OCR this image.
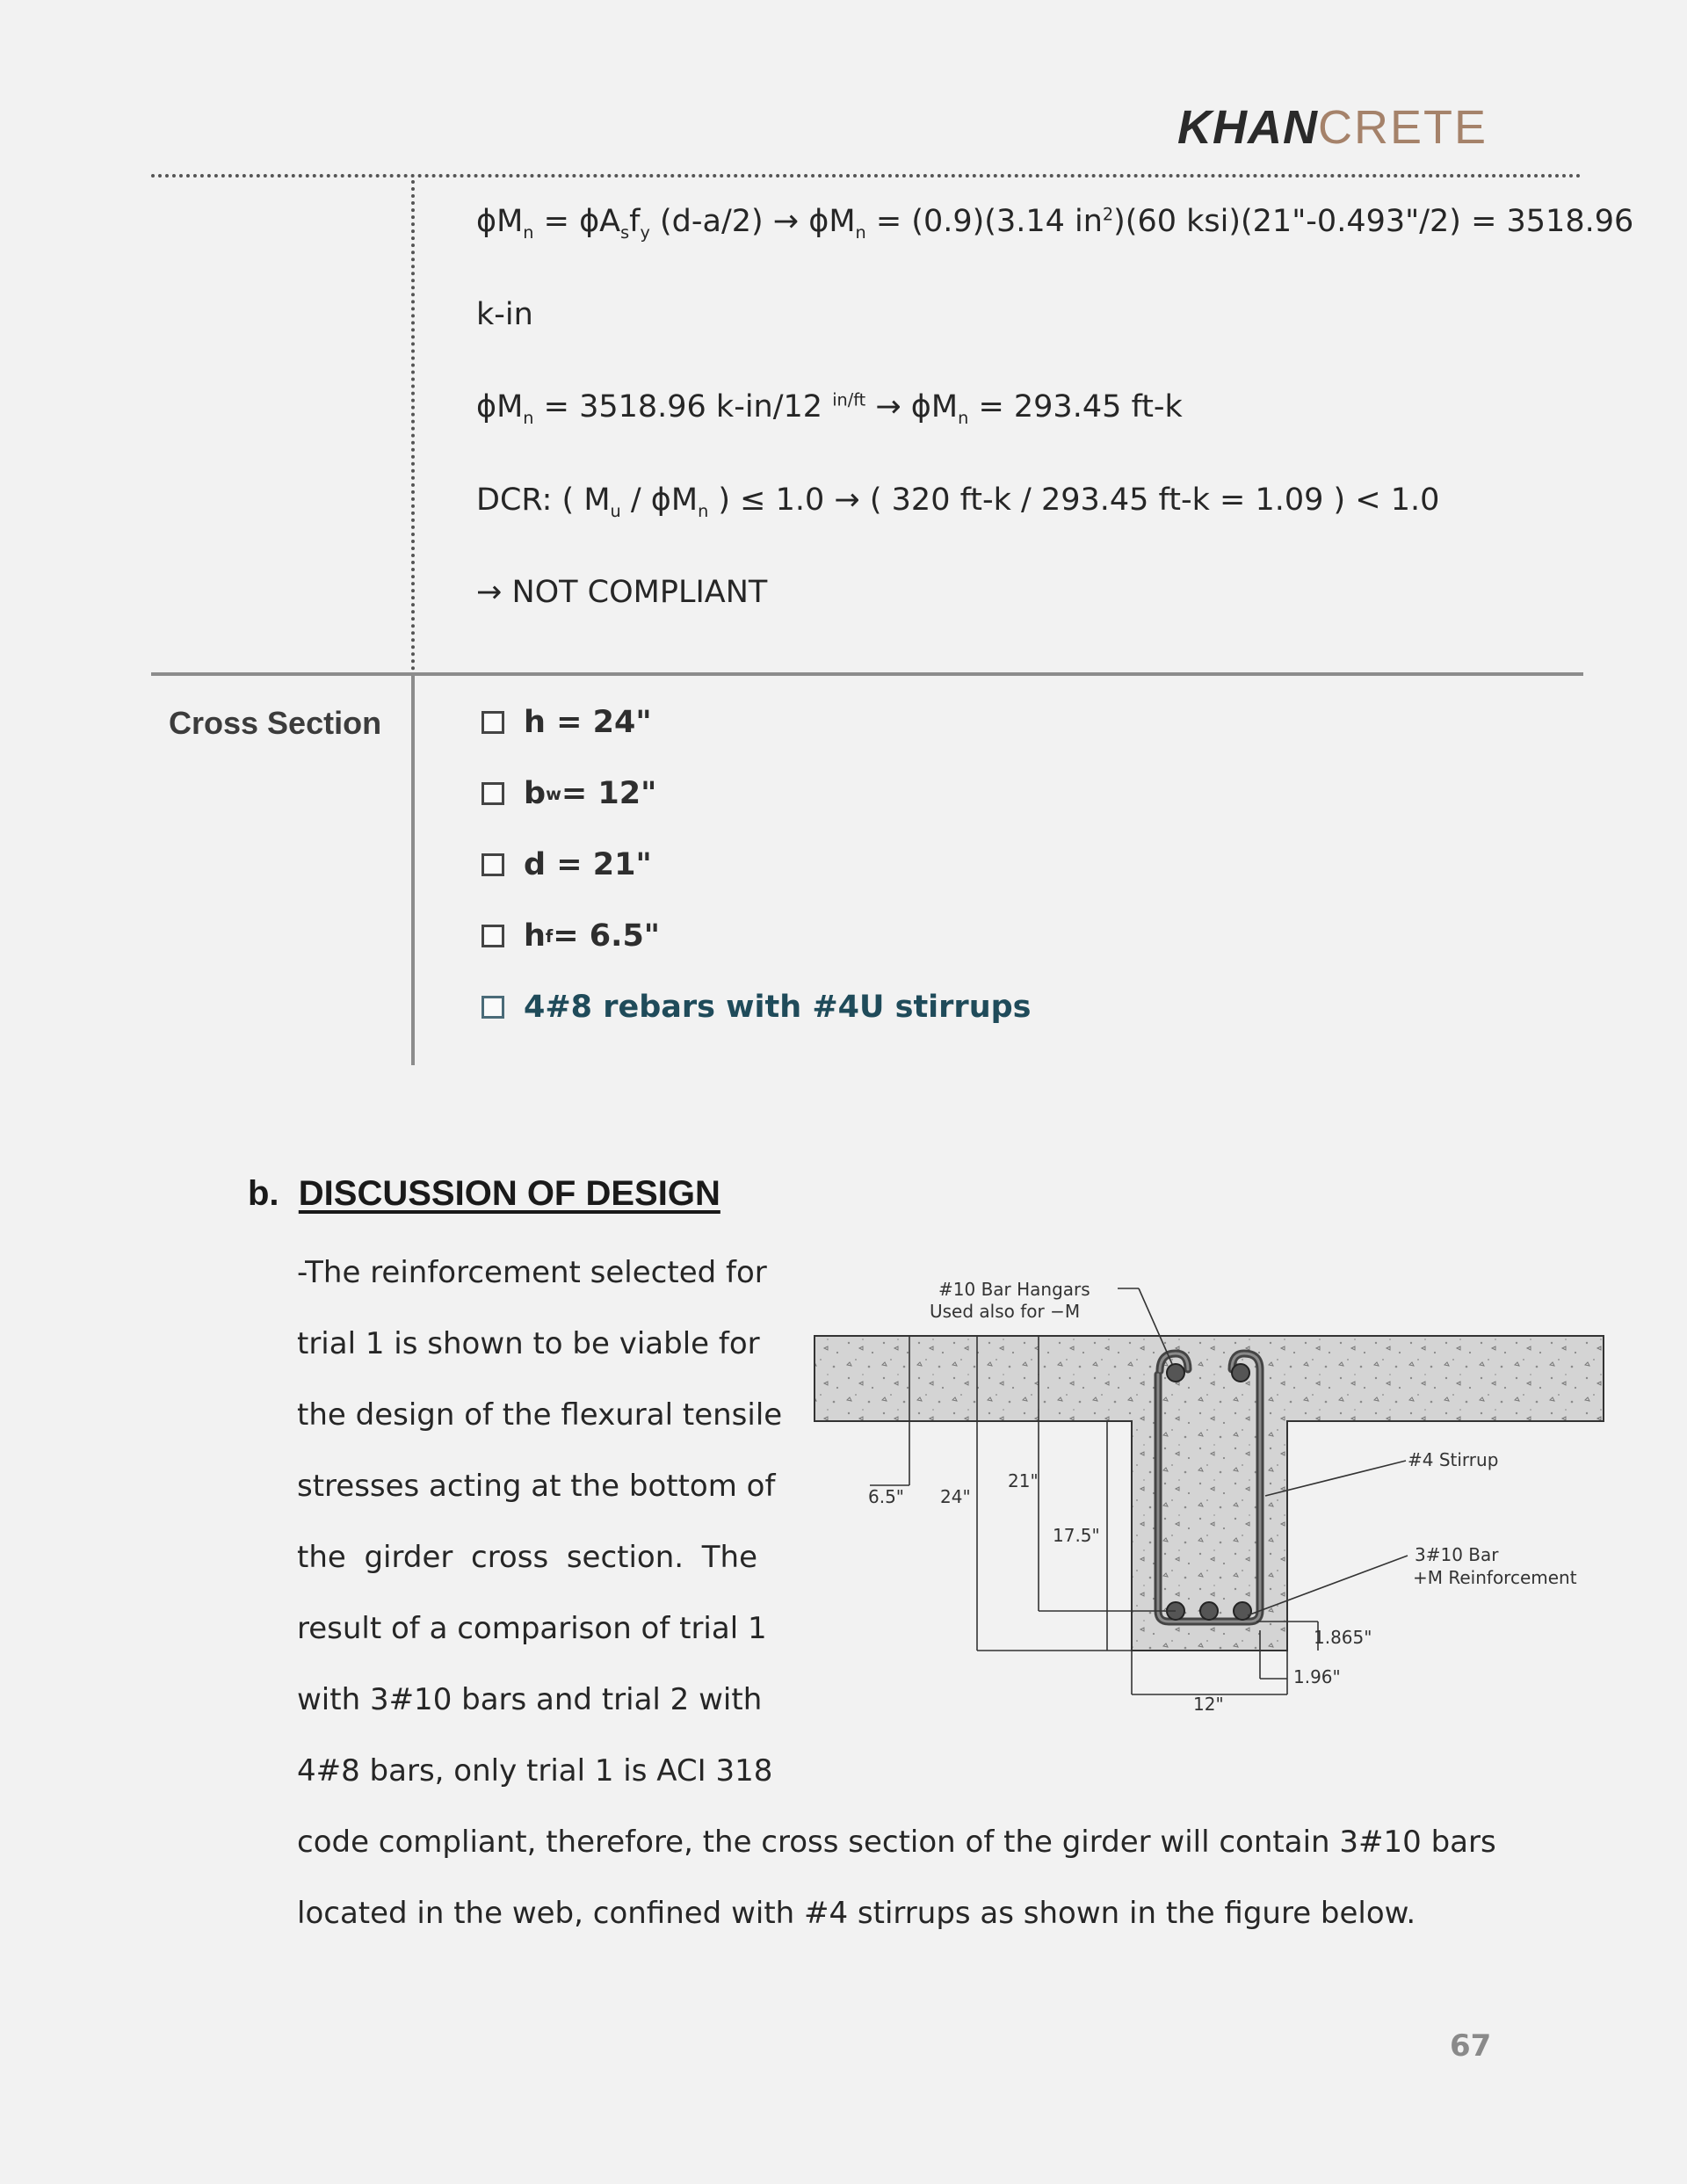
KHANCRETE
$\phi M_n = \phi A_sf_y$ $(d-a/2) \to \phi M_n = (0.9)(3.14$ $in^2)(60$ ksi)(21"-0.493"/2) = 3518.96
k-in
$\phi M_n = 3518.96$ k-in/12 $^{in/ft} \to \phi M_n = 293.45$ ft-k
DCR: ( $M_u / \phi M_n$ ) ≤ 1.0 → ( 320 ft-k / 293.45 ft-k = 1.09 ) < 1.0
→ NOT COMPLIANT
Cross Section	h = 24"
b w = 12"
d = 21"
h f = 6.5"
4#8 rebars with #4U stirrups
b. DISCUSSION OF DESIGN
-The reinforcement selected for
trial 1 is shown to be viable for
the design of the flexural tensile
stresses acting at the bottom of
the girder cross section. The
result of a comparison of trial 1
with 3#10 bars and trial 2 with
4#8 bars, only trial 1 is ACI 318
code compliant, therefore, the cross section of the girder will contain 3#10 bars
located in the web, confined with #4 stirrups as shown in the figure below.
#10 Bar Hangars
Used also for −M
#4 Stirrup
3#10 Bar
+M Reinforcement
6.5" 24"
21"
17.5"
1.865"
1.96"
12"
67
